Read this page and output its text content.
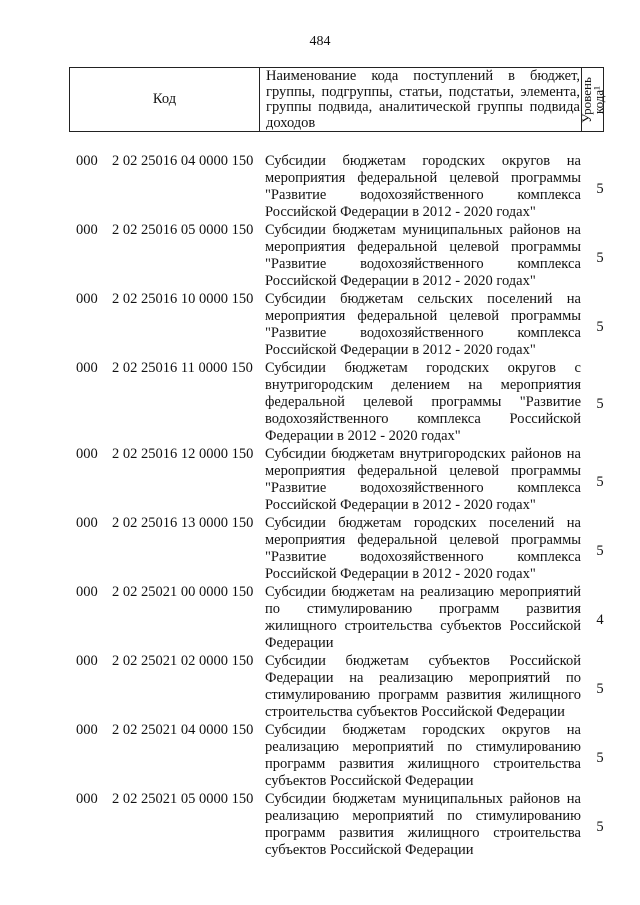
484
Код
Наименование кода поступлений в бюджет, группы, подгруппы, статьи, подстатьи, элемента, группы подвида, аналитической группы подвида доходов
Уровень
кода¹
000 2 02 25016 04 0000 150 Субсидии бюджетам городских округов на мероприятия федеральной целевой программы "Развитие водохозяйственного комплекса Российской Федерации в 2012 - 2020 годах"
5
000 2 02 25016 05 0000 150 Субсидии бюджетам муниципальных районов на мероприятия федеральной целевой программы "Развитие водохозяйственного комплекса Российской Федерации в 2012 - 2020 годах"
5
000 2 02 25016 10 0000 150 Субсидии бюджетам сельских поселений на мероприятия федеральной целевой программы "Развитие водохозяйственного комплекса Российской Федерации в 2012 - 2020 годах"
5
000 2 02 25016 11 0000 150 Субсидии бюджетам городских округов с внутригородским делением на мероприятия федеральной целевой программы "Развитие водохозяйственного комплекса Российской Федерации в 2012 - 2020 годах"
5
000 2 02 25016 12 0000 150 Субсидии бюджетам внутригородских районов на мероприятия федеральной целевой программы "Развитие водохозяйственного комплекса Российской Федерации в 2012 - 2020 годах"
5
000 2 02 25016 13 0000 150 Субсидии бюджетам городских поселений на мероприятия федеральной целевой программы "Развитие водохозяйственного комплекса Российской Федерации в 2012 - 2020 годах"
5
000 2 02 25021 00 0000 150 Субсидии бюджетам на реализацию мероприятий по стимулированию программ развития жилищного строительства субъектов Российской Федерации
4
000 2 02 25021 02 0000 150 Субсидии бюджетам субъектов Российской Федерации на реализацию мероприятий по стимулированию программ развития жилищного строительства субъектов Российской Федерации
5
000 2 02 25021 04 0000 150 Субсидии бюджетам городских округов на реализацию мероприятий по стимулированию программ развития жилищного строительства субъектов Российской Федерации
5
000 2 02 25021 05 0000 150 Субсидии бюджетам муниципальных районов на реализацию мероприятий по стимулированию программ развития жилищного строительства субъектов Российской Федерации
5
